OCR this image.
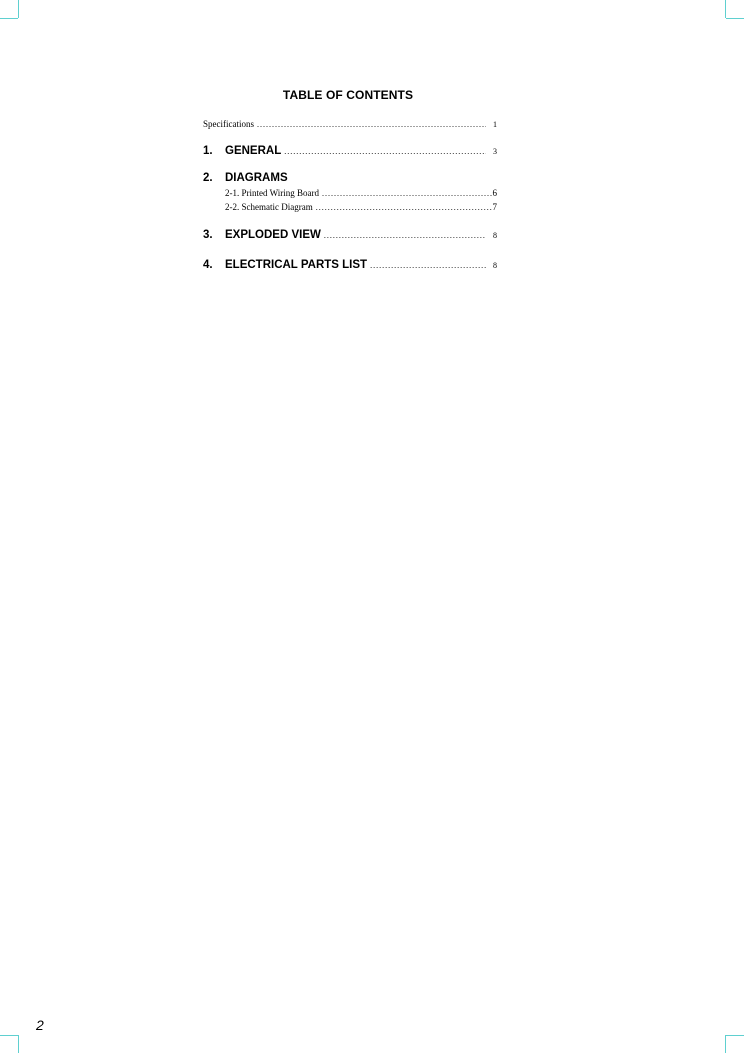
TABLE OF CONTENTS
Specifications .....	1
1.	GENERAL .....	3
2.	DIAGRAMS
2-1. Printed Wiring Board .....	6
2-2. Schematic Diagram .....	7
3.	EXPLODED VIEW .....	8
4.	ELECTRICAL PARTS LIST .....	8
2
